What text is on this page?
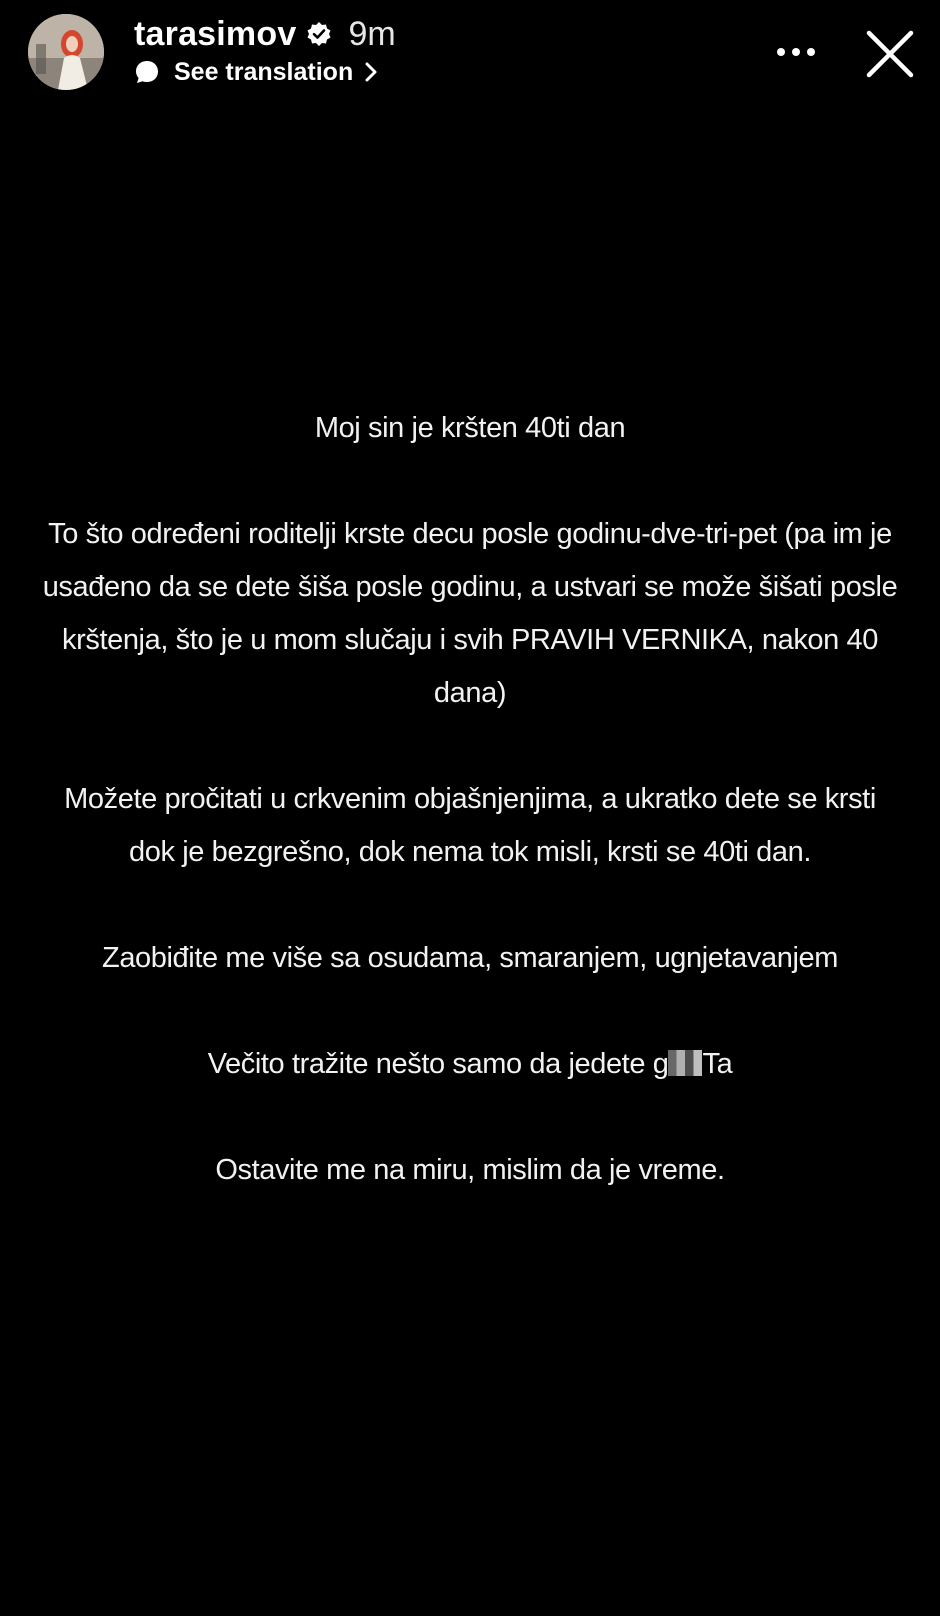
tarasimov 9m
See translation

Moj sin je kršten 40ti dan

To što određeni roditelji krste decu posle godinu-dve-tri-pet (pa im je usađeno da se dete šiša posle godinu, a ustvari se može šišati posle krštenja, što je u mom slučaju i svih PRAVIH VERNIKA, nakon 40 dana)

Možete pročitati u crkvenim objašnjenjima, a ukratko dete se krsti dok je bezgrešno, dok nema tok misli, krsti se 40ti dan.

Zaobiđite me više sa osudama, smaranjem, ugnjetavanjem

Večito tražite nešto samo da jedete g Ta

Ostavite me na miru, mislim da je vreme.
